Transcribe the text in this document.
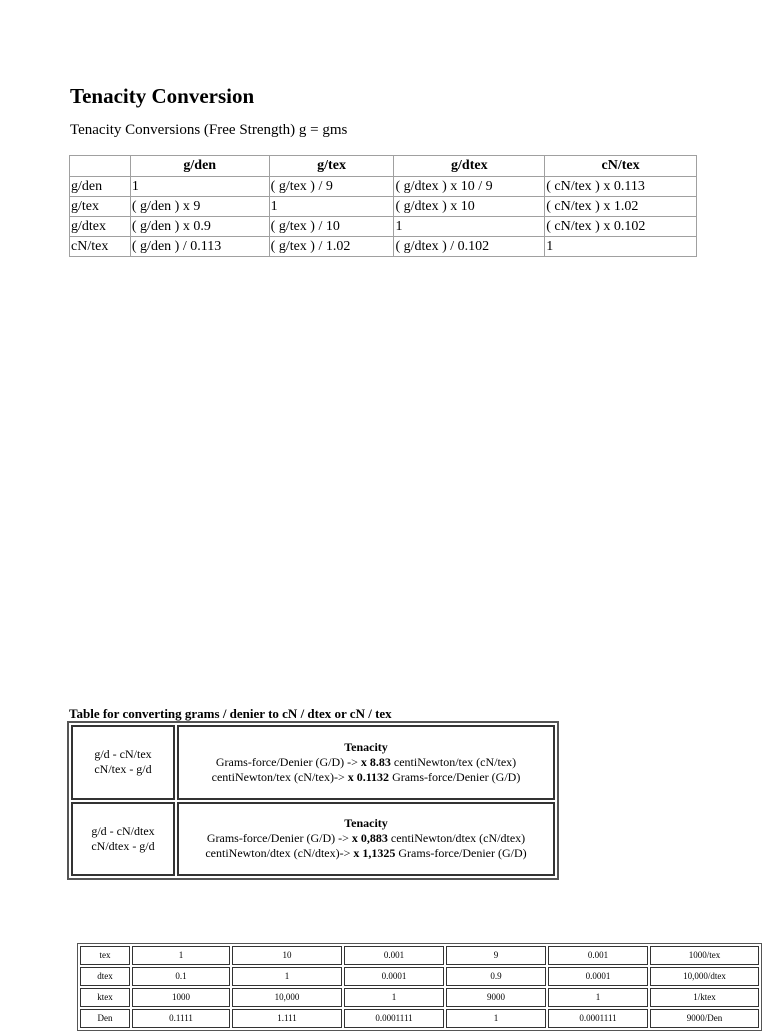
Tenacity Conversion
Tenacity Conversions (Free Strength) g = gms
	g/den	g/tex	g/dtex	cN/tex
g/den	1	( g/tex ) / 9	( g/dtex ) x 10 / 9	( cN/tex ) x 0.113
g/tex	( g/den ) x 9	1	( g/dtex ) x 10	( cN/tex ) x 1.02
g/dtex	( g/den ) x 0.9	( g/tex ) / 10	1	( cN/tex ) x 0.102
cN/tex	( g/den ) / 0.113	( g/tex ) / 1.02	( g/dtex ) / 0.102	1
Table for converting grams / denier to cN / dtex or cN / tex
g/d - cN/tex
cN/tex - g/d	Tenacity
Grams-force/Denier (G/D) -> x 8.83 centiNewton/tex (cN/tex)
centiNewton/tex (cN/tex)-> x 0.1132 Grams-force/Denier (G/D)
g/d - cN/dtex
cN/dtex - g/d	Tenacity
Grams-force/Denier (G/D) -> x 0,883 centiNewton/dtex (cN/dtex)
centiNewton/dtex (cN/dtex)-> x 1,1325 Grams-force/Denier (G/D)
tex	1	10	0.001	9	0.001	1000/tex
dtex	0.1	1	0.0001	0.9	0.0001	10,000/dtex
ktex	1000	10,000	1	9000	1	1/ktex
Den	0.1111	1.111	0.0001111	1	0.0001111	9000/Den
